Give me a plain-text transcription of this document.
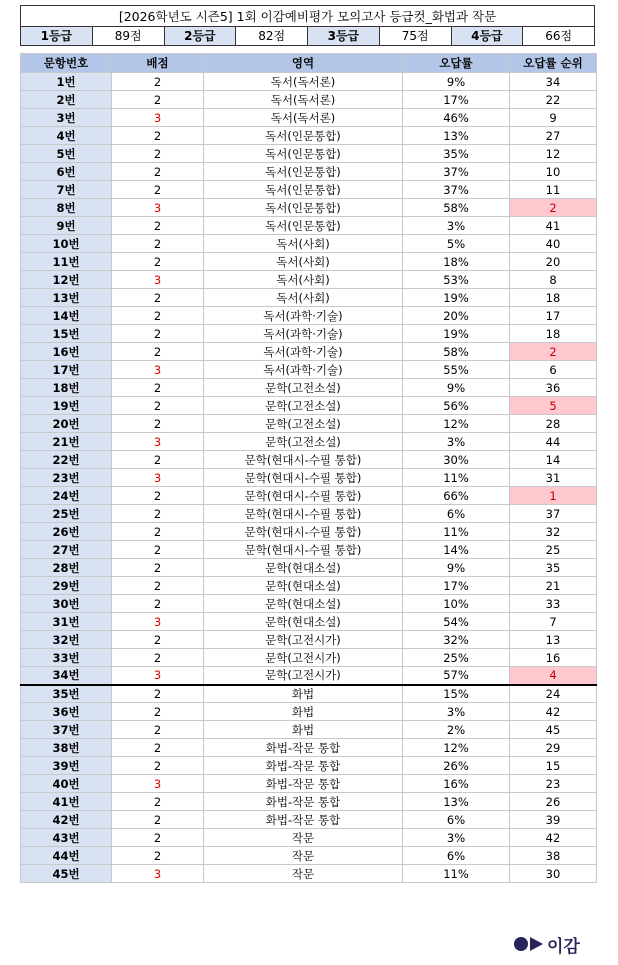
[2026학년도 시즌5] 1회 이감예비평가 모의고사 등급컷_화법과 작문
1등급	89점	2등급	82점	3등급	75점	4등급	66점
문항번호	배점	영역	오답률	오답률 순위
1번	2	독서(독서론)	9%	34
2번	2	독서(독서론)	17%	22
3번	3	독서(독서론)	46%	9
4번	2	독서(인문통합)	13%	27
5번	2	독서(인문통합)	35%	12
6번	2	독서(인문통합)	37%	10
7번	2	독서(인문통합)	37%	11
8번	3	독서(인문통합)	58%	2
9번	2	독서(인문통합)	3%	41
10번	2	독서(사회)	5%	40
11번	2	독서(사회)	18%	20
12번	3	독서(사회)	53%	8
13번	2	독서(사회)	19%	18
14번	2	독서(과학·기술)	20%	17
15번	2	독서(과학·기술)	19%	18
16번	2	독서(과학·기술)	58%	2
17번	3	독서(과학·기술)	55%	6
18번	2	문학(고전소설)	9%	36
19번	2	문학(고전소설)	56%	5
20번	2	문학(고전소설)	12%	28
21번	3	문학(고전소설)	3%	44
22번	2	문학(현대시-수필 통합)	30%	14
23번	3	문학(현대시-수필 통합)	11%	31
24번	2	문학(현대시-수필 통합)	66%	1
25번	2	문학(현대시-수필 통합)	6%	37
26번	2	문학(현대시-수필 통합)	11%	32
27번	2	문학(현대시-수필 통합)	14%	25
28번	2	문학(현대소설)	9%	35
29번	2	문학(현대소설)	17%	21
30번	2	문학(현대소설)	10%	33
31번	3	문학(현대소설)	54%	7
32번	2	문학(고전시가)	32%	13
33번	2	문학(고전시가)	25%	16
34번	3	문학(고전시가)	57%	4
35번	2	화법	15%	24
36번	2	화법	3%	42
37번	2	화법	2%	45
38번	2	화법-작문 통합	12%	29
39번	2	화법-작문 통합	26%	15
40번	3	화법-작문 통합	16%	23
41번	2	화법-작문 통합	13%	26
42번	2	화법-작문 통합	6%	39
43번	2	작문	3%	42
44번	2	작문	6%	38
45번	3	작문	11%	30
이감
